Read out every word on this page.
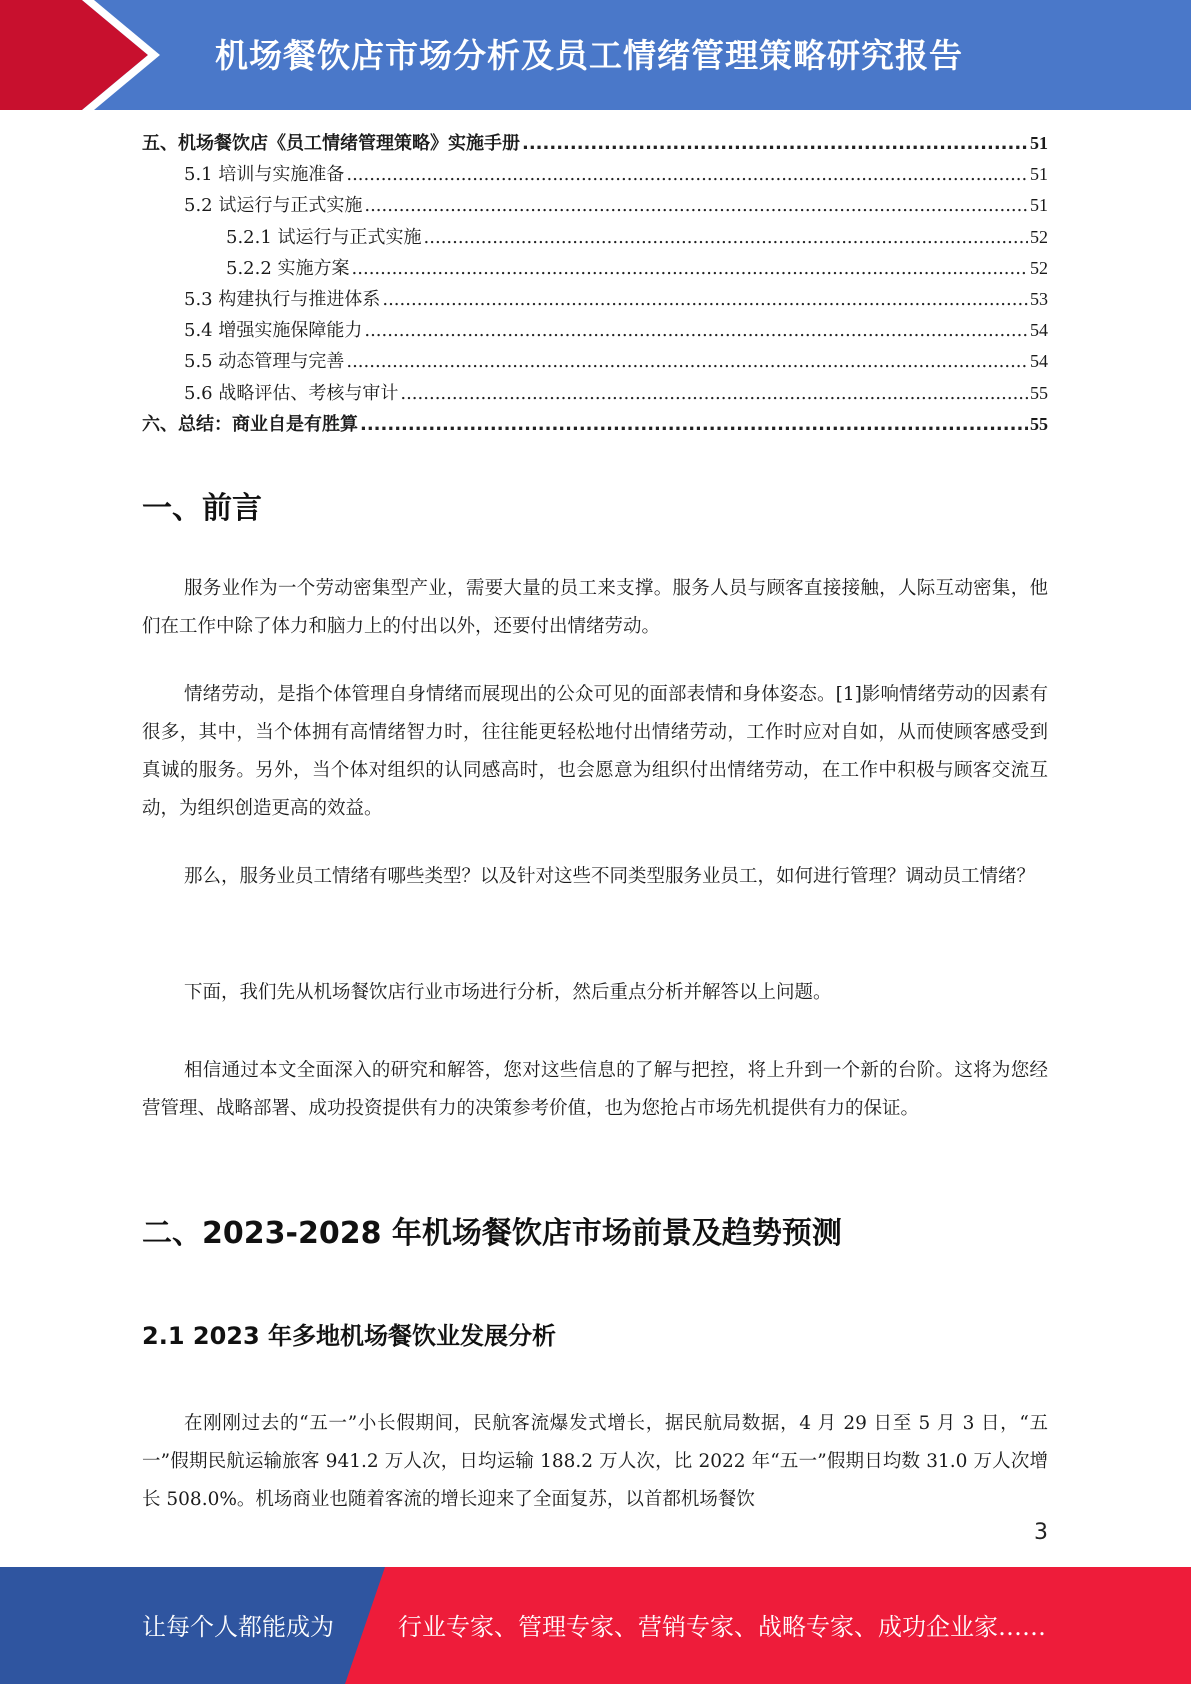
机场餐饮店市场分析及员工情绪管理策略研究报告
五、机场餐饮店《员工情绪管理策略》实施手册 .....	51
5.1 培训与实施准备 .....	51
5.2 试运行与正式实施 .....	51
5.2.1 试运行与正式实施 .....	52
5.2.2 实施方案 .....	52
5.3 构建执行与推进体系 .....	53
5.4 增强实施保障能力 .....	54
5.5 动态管理与完善 .....	54
5.6 战略评估、考核与审计 .....	55
六、总结：商业自是有胜算 .....	55
一、前言
服务业作为一个劳动密集型产业，需要大量的员工来支撑。服务人员与顾客直接接触，人际互动密集，他们在工作中除了体力和脑力上的付出以外，还要付出情绪劳动。
情绪劳动，是指个体管理自身情绪而展现出的公众可见的面部表情和身体姿态。[1]影响情绪劳动的因素有很多，其中，当个体拥有高情绪智力时，往往能更轻松地付出情绪劳动，工作时应对自如，从而使顾客感受到真诚的服务。另外，当个体对组织的认同感高时，也会愿意为组织付出情绪劳动，在工作中积极与顾客交流互动，为组织创造更高的效益。
那么，服务业员工情绪有哪些类型？以及针对这些不同类型服务业员工，如何进行管理？调动员工情绪？
下面，我们先从机场餐饮店行业市场进行分析，然后重点分析并解答以上问题。
相信通过本文全面深入的研究和解答，您对这些信息的了解与把控，将上升到一个新的台阶。这将为您经营管理、战略部署、成功投资提供有力的决策参考价值，也为您抢占市场先机提供有力的保证。
二、2023-2028 年机场餐饮店市场前景及趋势预测
2.1 2023 年多地机场餐饮业发展分析
在刚刚过去的“五一”小长假期间，民航客流爆发式增长，据民航局数据，4 月 29 日至 5 月 3 日，“五一”假期民航运输旅客 941.2 万人次，日均运输 188.2 万人次，比 2022 年“五一”假期日均数 31.0 万人次增长 508.0%。机场商业也随着客流的增长迎来了全面复苏，以首都机场餐饮
3
让每个人都能成为	行业专家、管理专家、营销专家、战略专家、成功企业家……
